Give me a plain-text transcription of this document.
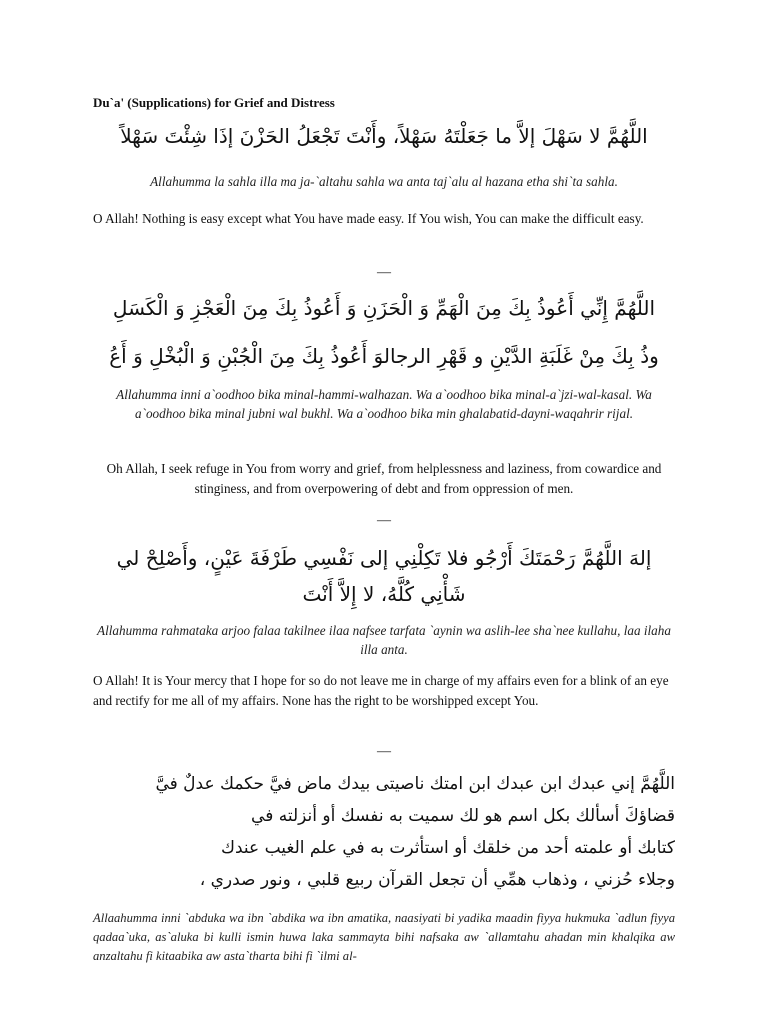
Du`a' (Supplications) for Grief and Distress
اللَّهُمَّ لا سَهْلَ إلاَّ ما جَعَلْتَهُ سَهْلاً، وأَنْتَ تَجْعَلُ الحَزْنَ إذَا شِئْتَ سَهْلاً
Allahumma la sahla illa ma ja-`altahu sahla wa anta taj`alu al hazana etha shi`ta sahla.
O Allah! Nothing is easy except what You have made easy. If You wish, You can make the difficult easy.
—
اللَّهُمَّ إِنِّي أَعُوذُ بِكَ مِنَ الْهَمِّ وَ الْحَزَنِ وَ أَعُوذُ بِكَ مِنَ الْعَجْزِ وَ الْكَسَلِ
وذُ بِكَ مِنْ غَلَبَةِ الدَّيْنِ و قَهْرِ الرجالوَ أَعُوذُ بِكَ مِنَ الْجُبْنِ وَ الْبُخْلِ وَ أَعُ
Allahumma inni a`oodhoo bika minal-hammi-walhazan. Wa a`oodhoo bika minal-a`jzi-wal-kasal. Wa a`oodhoo bika minal jubni wal bukhl. Wa a`oodhoo bika min ghalabatid-dayni-waqahrir rijal.
Oh Allah, I seek refuge in You from worry and grief, from helplessness and laziness, from cowardice and stinginess, and from overpowering of debt and from oppression of men.
—
إلهَ اللَّهُمَّ رَحْمَتَكَ أَرْجُو فلا تَكِلْنِي إلى نَفْسِي طَرْفَةَ عَيْنٍ، وأَصْلِحْ لي شَأْنِي كُلَّهُ، لا إِلاَّ أَنْتَ
Allahumma rahmataka arjoo falaa takilnee ilaa nafsee tarfata `aynin wa aslih-lee sha`nee kullahu, laa ilaha illa anta.
O Allah! It is Your mercy that I hope for so do not leave me in charge of my affairs even for a blink of an eye and rectify for me all of my affairs. None has the right to be worshipped except You.
—
اللَّهُمَّ إني عبدك ابن عبدك ابن امتك ناصيتى بيدك ماض فيَّ حكمك عدلٌ فيَّ
قضاؤكَ أسألك بكل اسم هو لك سميت به نفسك أو أنزلته في
كتابك أو علمته أحد من خلقك أو استأثرت به في علم الغيب عندك
وجلاء حُزني ، وذهاب همِّي أن تجعل القرآن ربيع قلبي ، ونور صدري ،
Allaahumma inni `abduka wa ibn `abdika wa ibn amatika, naasiyati bi yadika maadin fiyya hukmuka `adlun fiyya qadaa`uka, as`aluka bi kulli ismin huwa laka sammayta bihi nafsaka aw `allamtahu ahadan min khalqika aw anzaltahu fi kitaabika aw asta`tharta bihi fi `ilmi al-
